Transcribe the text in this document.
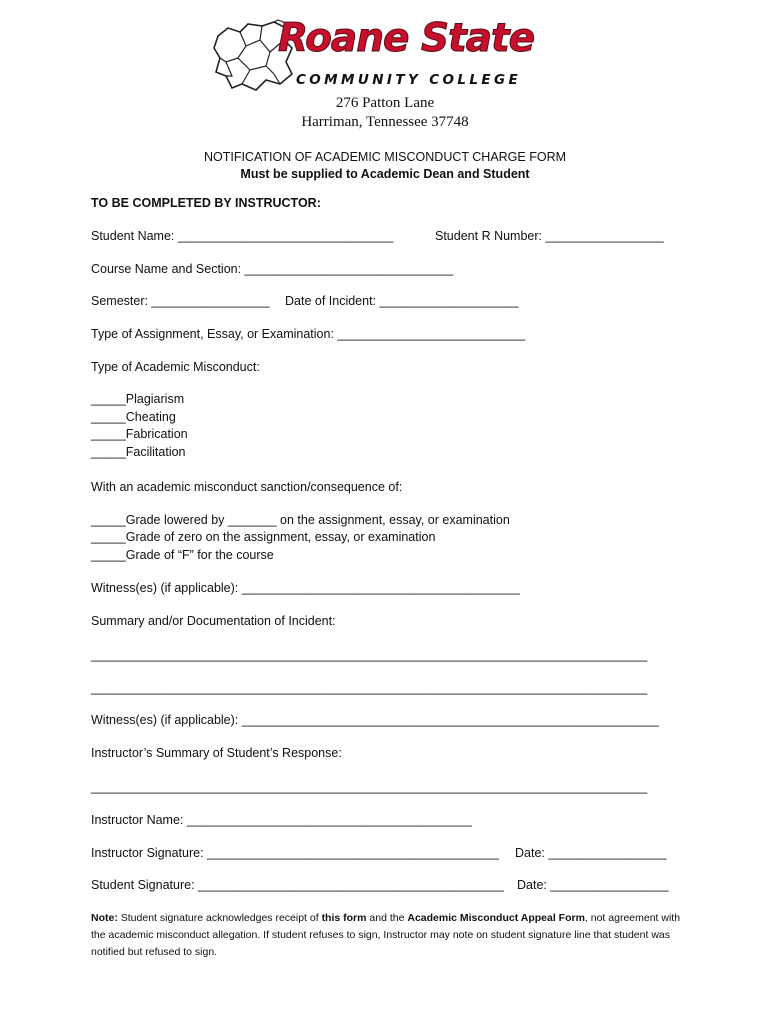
Roane State
COMMUNITY COLLEGE
276 Patton Lane
Harriman, Tennessee 37748
NOTIFICATION OF ACADEMIC MISCONDUCT CHARGE FORM
Must be supplied to Academic Dean and Student
TO BE COMPLETED BY INSTRUCTOR:
Student Name: _______________________________	Student R Number: _________________
Course Name and Section: ______________________________
Semester: _________________ Date of Incident: ____________________
Type of Assignment, Essay, or Examination: ___________________________
Type of Academic Misconduct:
_____Plagiarism
_____Cheating
_____Fabrication
_____Facilitation
With an academic misconduct sanction/consequence of:
_____Grade lowered by _______ on the assignment, essay, or examination
_____Grade of zero on the assignment, essay, or examination
_____Grade of “F” for the course
Witness(es) (if applicable): ________________________________________
Summary and/or Documentation of Incident:
________________________________________________________________________________
________________________________________________________________________________
Witness(es) (if applicable): ____________________________________________________________
Instructor’s Summary of Student’s Response:
________________________________________________________________________________
Instructor Name: _________________________________________
Instructor Signature: __________________________________________ Date: _________________
Student Signature: ____________________________________________ Date: _________________
Note: Student signature acknowledges receipt of this form and the Academic Misconduct Appeal Form, not agreement with the academic misconduct allegation. If student refuses to sign, Instructor may note on student signature line that student was notified but refused to sign.
